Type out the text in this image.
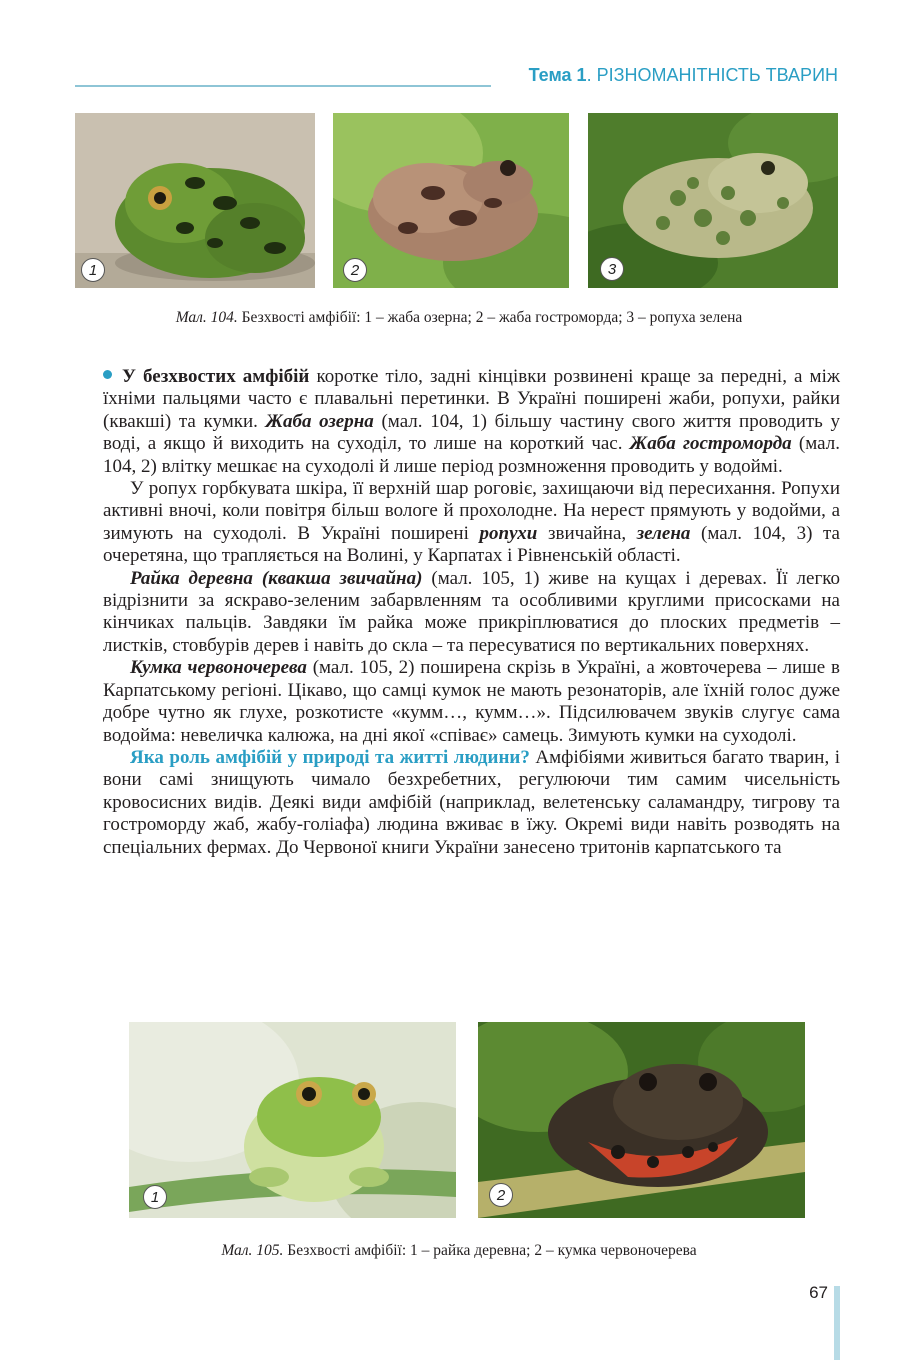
Тема 1. РІЗНОМАНІТНІСТЬ ТВАРИН
1	2	3
Мал. 104. Безхвості амфібії: 1 – жаба озерна; 2 – жаба гостроморда; 3 – ропуха зелена

У безхвостих амфібій коротке тіло, задні кінцівки розвинені краще за передні, а між їхніми пальцями часто є плавальні перетинки. В Україні поширені жаби, ропухи, райки (квакші) та кумки. Жаба озерна (мал. 104, 1) більшу частину свого життя проводить у воді, а якщо й виходить на суходіл, то лише на короткий час. Жаба гостроморда (мал. 104, 2) влітку мешкає на суходолі й лише період розмноження проводить у водоймі.

У ропух горбкувата шкіра, її верхній шар роговіє, захищаючи від пересихання. Ропухи активні вночі, коли повітря більш вологе й прохолодне. На нерест прямують у водойми, а зимують на суходолі. В Україні поширені ропухи звичайна, зелена (мал. 104, 3) та очеретяна, що трапляється на Волині, у Карпатах і Рівненській області.

Райка деревна (квакша звичайна) (мал. 105, 1) живе на кущах і деревах. Її легко відрізнити за яскраво-зеленим забарвленням та особливими круглими присосками на кінчиках пальців. Завдяки їм райка може прикріплюватися до плоских предметів – листків, стовбурів дерев і навіть до скла – та пересуватися по вертикальних поверхнях.

Кумка червоночерева (мал. 105, 2) поширена скрізь в Україні, а жовточерева – лише в Карпатському регіоні. Цікаво, що самці кумок не мають резонаторів, але їхній голос дуже добре чутно як глухе, розкотисте «кумм…, кумм…». Підсилювачем звуків слугує сама водойма: невеличка калюжа, на дні якої «співає» самець. Зимують кумки на суходолі.

Яка роль амфібій у природі та житті людини? Амфібіями живиться багато тварин, і вони самі знищують чимало безхребетних, регулюючи тим самим чисельність кровосисних видів. Деякі види амфібій (наприклад, велетенську саламандру, тигрову та гостроморду жаб, жабу-голіафа) людина вживає в їжу. Окремі види навіть розводять на спеціальних фермах. До Червоної книги України занесено тритонів карпатського та

1	2
Мал. 105. Безхвості амфібії: 1 – райка деревна; 2 – кумка червоночерева
67
